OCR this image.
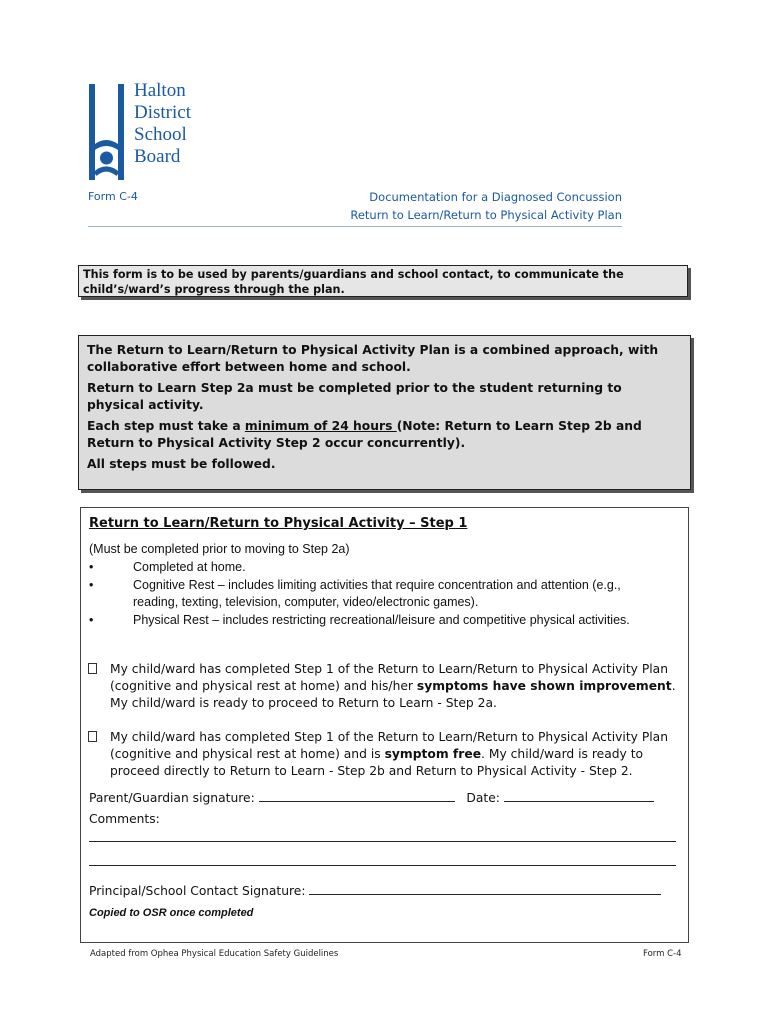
Halton
District
School
Board
Form C-4	Documentation for a Diagnosed Concussion
Return to Learn/Return to Physical Activity Plan
This form is to be used by parents/guardians and school contact, to communicate the child’s/ward’s progress through the plan.

The Return to Learn/Return to Physical Activity Plan is a combined approach, with collaborative effort between home and school.

Return to Learn Step 2a must be completed prior to the student returning to physical activity.

Each step must take a minimum of 24 hours (Note: Return to Learn Step 2b and Return to Physical Activity Step 2 occur concurrently).

All steps must be followed.

Return to Learn/Return to Physical Activity – Step 1
(Must be completed prior to moving to Step 2a)
•	Completed at home.
•	Cognitive Rest – includes limiting activities that require concentration and attention (e.g., reading, texting, television, computer, video/electronic games).
•	Physical Rest – includes restricting recreational/leisure and competitive physical activities.
My child/ward has completed Step 1 of the Return to Learn/Return to Physical Activity Plan (cognitive and physical rest at home) and his/her symptoms have shown improvement. My child/ward is ready to proceed to Return to Learn - Step 2a.
My child/ward has completed Step 1 of the Return to Learn/Return to Physical Activity Plan (cognitive and physical rest at home) and is symptom free. My child/ward is ready to proceed directly to Return to Learn - Step 2b and Return to Physical Activity - Step 2.
Parent/Guardian signature:	Date:
Comments:
Principal/School Contact Signature:
Copied to OSR once completed
Adapted from Ophea Physical Education Safety Guidelines	Form C-4
